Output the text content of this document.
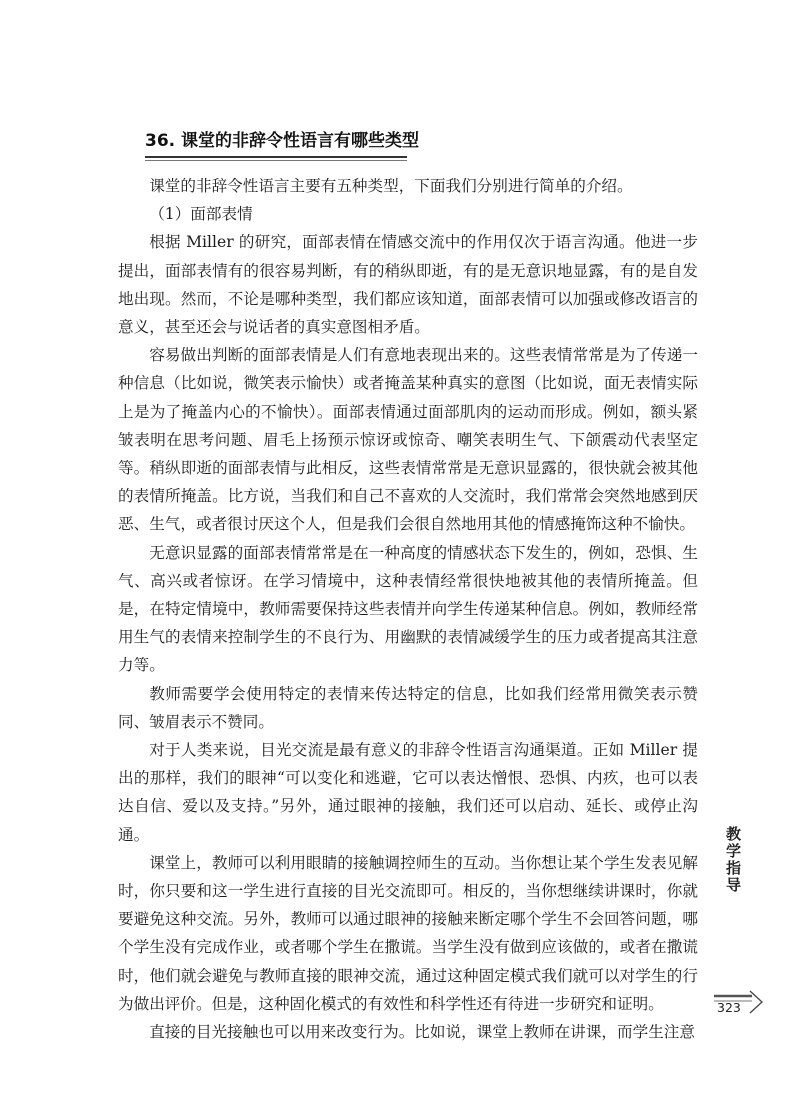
36. 课堂的非辞令性语言有哪些类型

课堂的非辞令性语言主要有五种类型，下面我们分别进行简单的介绍。

（1）面部表情

根据 Miller 的研究，面部表情在情感交流中的作用仅次于语言沟通。他进一步提出，面部表情有的很容易判断，有的稍纵即逝，有的是无意识地显露，有的是自发地出现。然而，不论是哪种类型，我们都应该知道，面部表情可以加强或修改语言的意义，甚至还会与说话者的真实意图相矛盾。

容易做出判断的面部表情是人们有意地表现出来的。这些表情常常是为了传递一种信息（比如说，微笑表示愉快）或者掩盖某种真实的意图（比如说，面无表情实际上是为了掩盖内心的不愉快）。面部表情通过面部肌肉的运动而形成。例如，额头紧皱表明在思考问题、眉毛上扬预示惊讶或惊奇、嘲笑表明生气、下颌震动代表坚定等。稍纵即逝的面部表情与此相反，这些表情常常是无意识显露的，很快就会被其他的表情所掩盖。比方说，当我们和自己不喜欢的人交流时，我们常常会突然地感到厌恶、生气，或者很讨厌这个人，但是我们会很自然地用其他的情感掩饰这种不愉快。

无意识显露的面部表情常常是在一种高度的情感状态下发生的，例如，恐惧、生气、高兴或者惊讶。在学习情境中，这种表情经常很快地被其他的表情所掩盖。但是，在特定情境中，教师需要保持这些表情并向学生传递某种信息。例如，教师经常用生气的表情来控制学生的不良行为、用幽默的表情减缓学生的压力或者提高其注意力等。

教师需要学会使用特定的表情来传达特定的信息，比如我们经常用微笑表示赞同、皱眉表示不赞同。

对于人类来说，目光交流是最有意义的非辞令性语言沟通渠道。正如 Miller 提出的那样，我们的眼神“可以变化和逃避，它可以表达憎恨、恐惧、内疚，也可以表达自信、爱以及支持。”另外，通过眼神的接触，我们还可以启动、延长、或停止沟通。

课堂上，教师可以利用眼睛的接触调控师生的互动。当你想让某个学生发表见解时，你只要和这一学生进行直接的目光交流即可。相反的，当你想继续讲课时，你就要避免这种交流。另外，教师可以通过眼神的接触来断定哪个学生不会回答问题，哪个学生没有完成作业，或者哪个学生在撒谎。当学生没有做到应该做的，或者在撒谎时，他们就会避免与教师直接的眼神交流，通过这种固定模式我们就可以对学生的行为做出评价。但是，这种固化模式的有效性和科学性还有待进一步研究和证明。

直接的目光接触也可以用来改变行为。比如说，课堂上教师在讲课，而学生注意

教学指导
323
